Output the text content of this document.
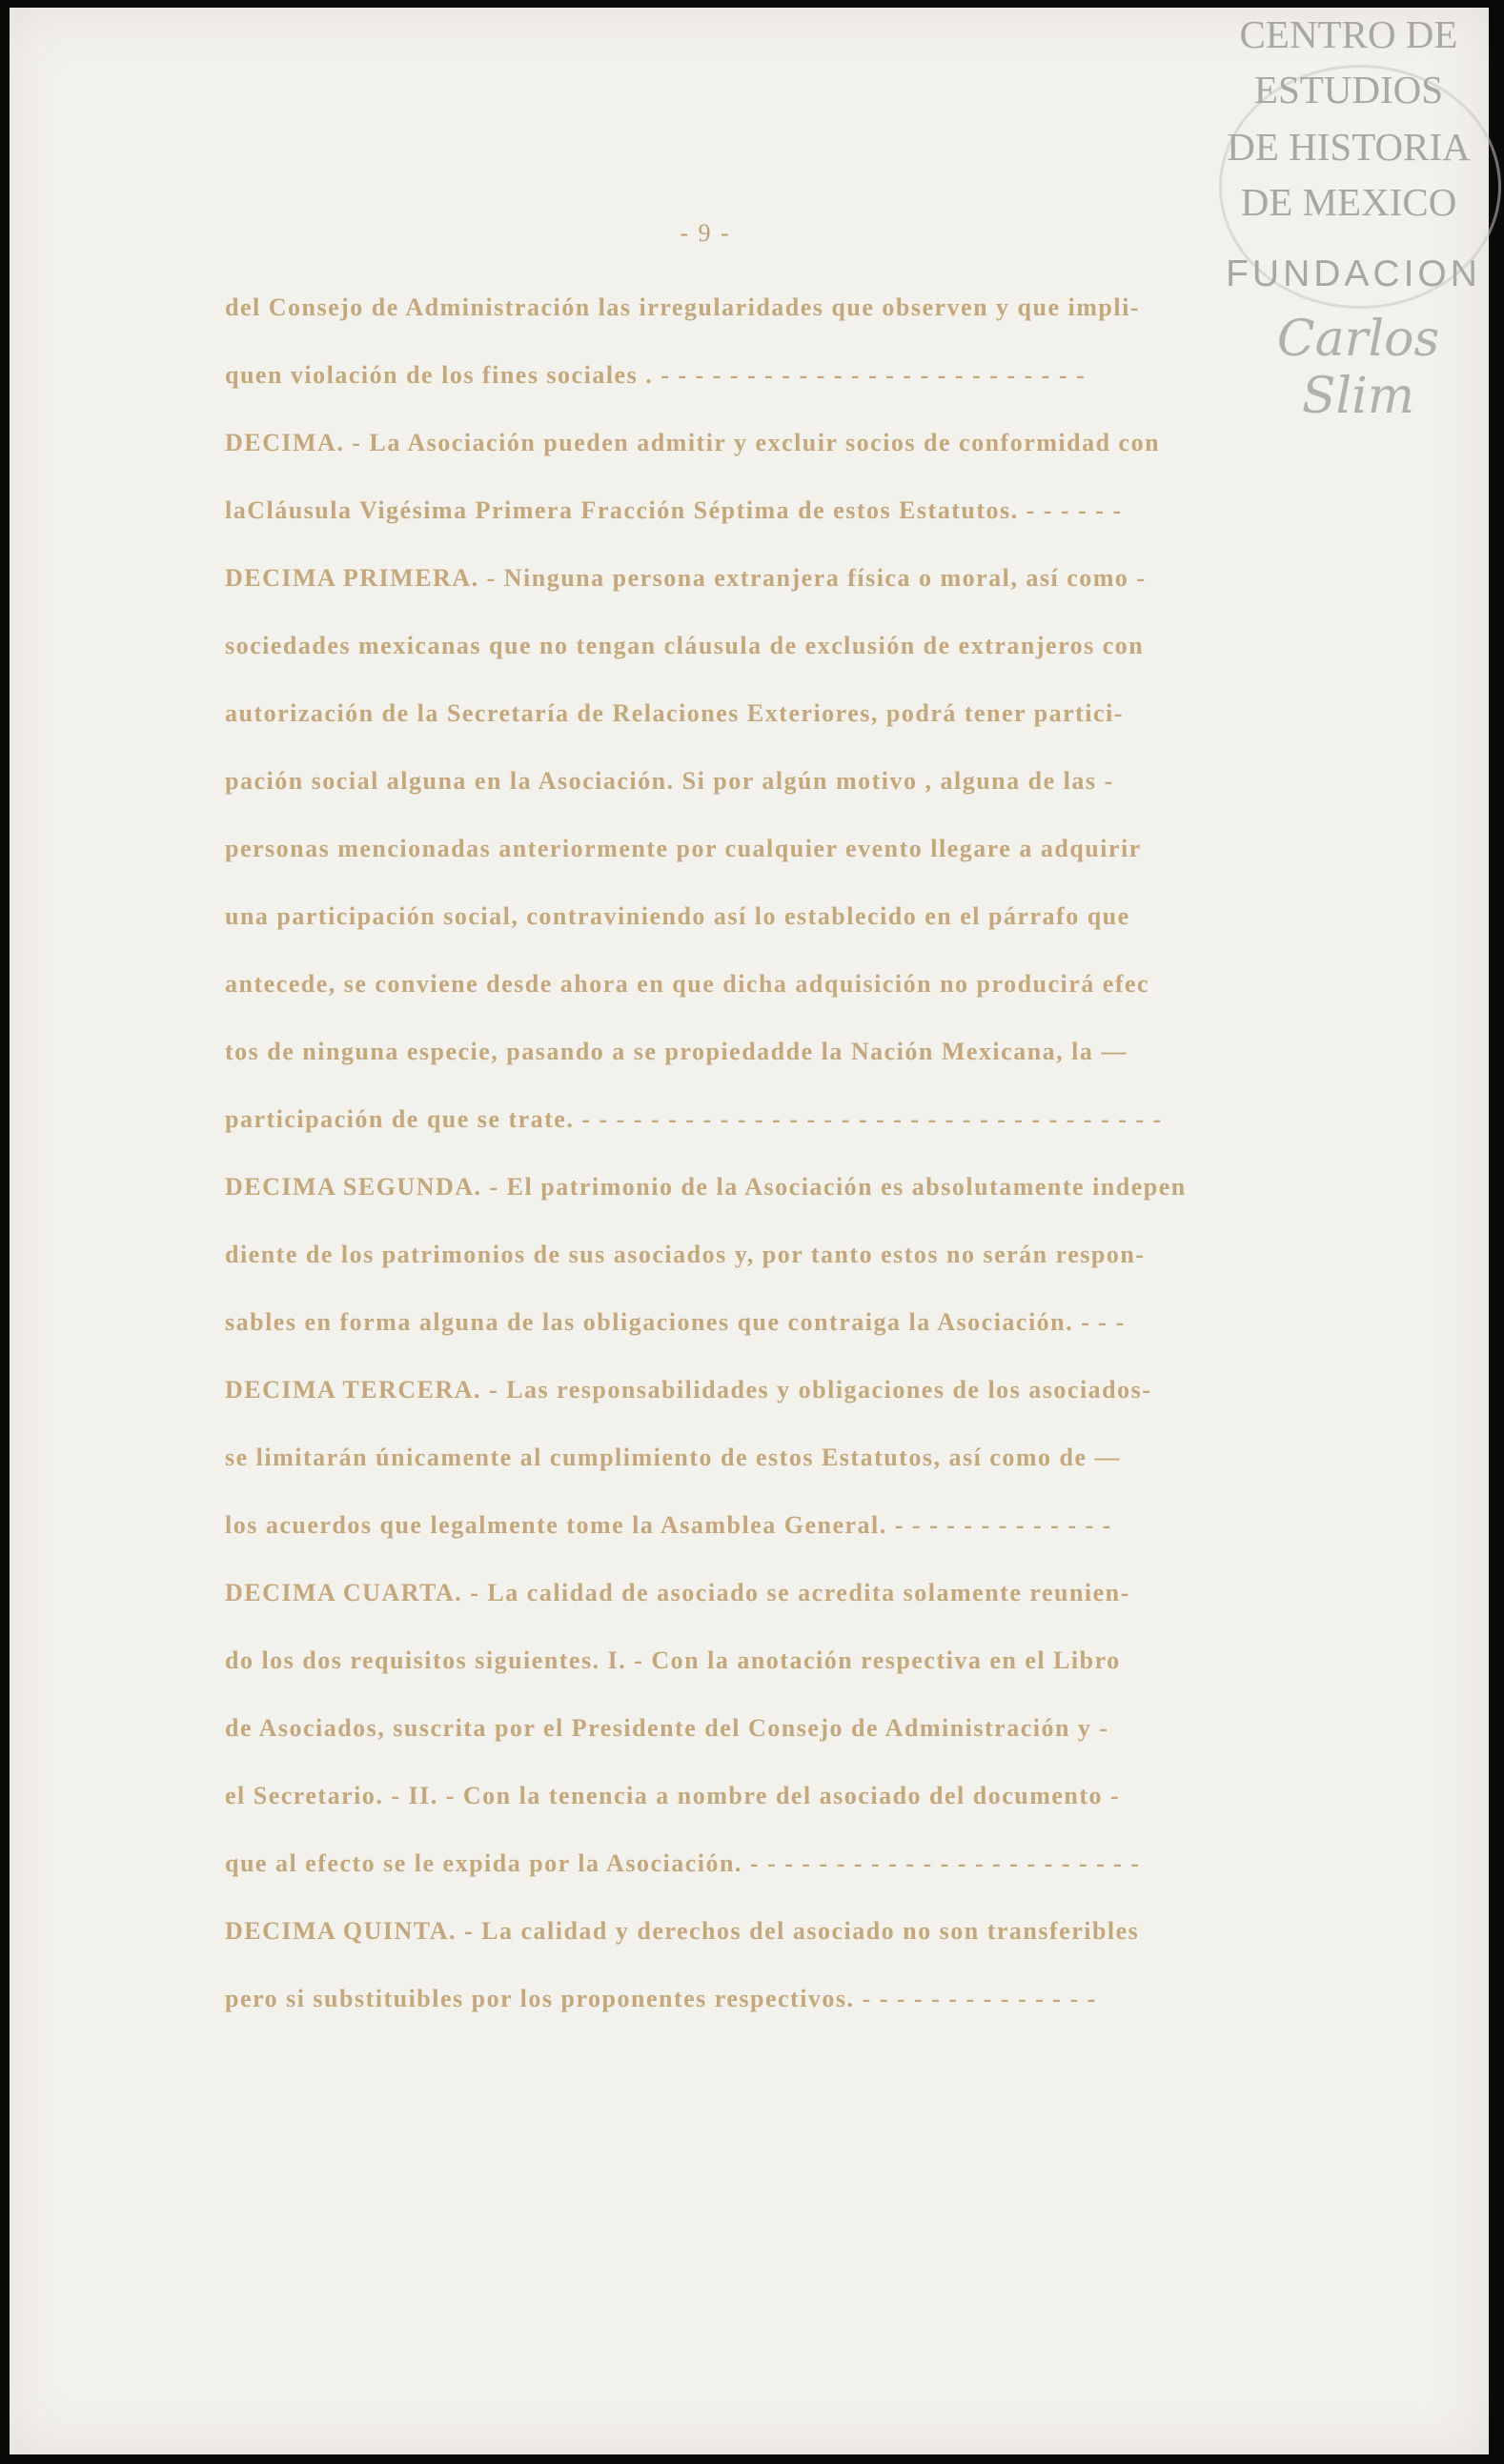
CENTRO DE
ESTUDIOS
DE HISTORIA
DE MEXICO
FUNDACION
Carlos Slim
- 9 -
del Consejo de Administración las irregularidades que observen y que impli-
quen violación de los fines sociales . - - - - - - - - - - - - - - - - - - - - - - - - -
DECIMA. - La Asociación pueden admitir y excluir socios de conformidad con
laCláusula Vigésima Primera Fracción Séptima de estos Estatutos. - - - - - -
DECIMA PRIMERA. - Ninguna persona extranjera física o moral, así como -
sociedades mexicanas que no tengan cláusula de exclusión de extranjeros con
autorización de la Secretaría de Relaciones Exteriores, podrá tener partici-
pación social alguna en la Asociación. Si por algún motivo , alguna de las -
personas mencionadas anteriormente por cualquier evento llegare a adquirir
una participación social, contraviniendo así lo establecido en el párrafo que
antecede, se conviene desde ahora en que dicha adquisición no producirá efec
tos de ninguna especie, pasando a se propiedadde la Nación Mexicana, la —
participación de que se trate. - - - - - - - - - - - - - - - - - - - - - - - - - - - - - - - - - -
DECIMA SEGUNDA. - El patrimonio de la Asociación es absolutamente indepen
diente de los patrimonios de sus asociados y, por tanto estos no serán respon-
sables en forma alguna de las obligaciones que contraiga la Asociación. - - -
DECIMA TERCERA. - Las responsabilidades y obligaciones de los asociados-
se limitarán únicamente al cumplimiento de estos Estatutos, así como de —
los acuerdos que legalmente tome la Asamblea General. - - - - - - - - - - - - -
DECIMA CUARTA. - La calidad de asociado se acredita solamente reunien-
do los dos requisitos siguientes. I. - Con la anotación respectiva en el Libro
de Asociados, suscrita por el Presidente del Consejo de Administración y -
el Secretario. - II. - Con la tenencia a nombre del asociado del documento -
que al efecto se le expida por la Asociación. - - - - - - - - - - - - - - - - - - - - - - -
DECIMA QUINTA. - La calidad y derechos del asociado no son transferibles
pero si substituibles por los proponentes respectivos. - - - - - - - - - - - - - -
